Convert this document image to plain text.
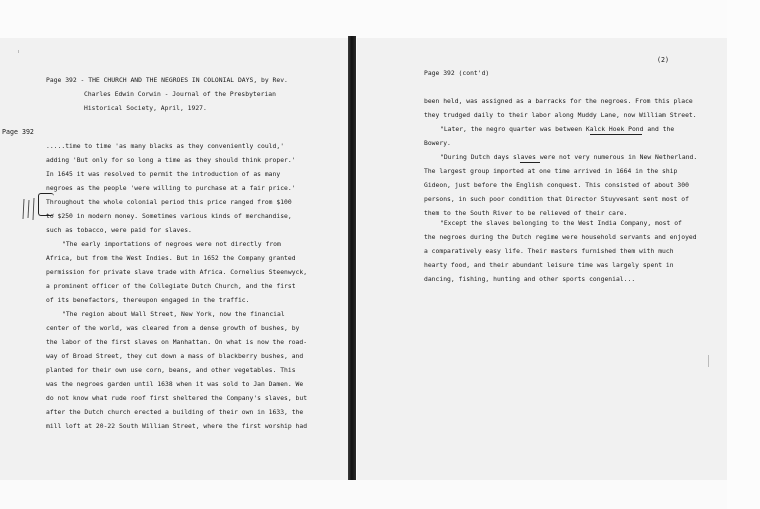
Page 392
Page 392 - THE CHURCH AND THE NEGROES IN COLONIAL DAYS, by Rev.
Charles Edwin Corwin - Journal of the Presbyterian
Historical Society, April, 1927.
.....time to time 'as many blacks as they conveniently could,'
adding 'But only for so long a time as they should think proper.'
In 1645 it was resolved to permit the introduction of as many
negroes as the people 'were willing to purchase at a fair price.'
Throughout the whole colonial period this price ranged from $100
to $250 in modern money. Sometimes various kinds of merchandise,
such as tobacco, were paid for slaves.
"The early importations of negroes were not directly from
Africa, but from the West Indies. But in 1652 the Company granted
permission for private slave trade with Africa. Cornelius Steenwyck,
a prominent officer of the Collegiate Dutch Church, and the first
of its benefactors, thereupon engaged in the traffic.
"The region about Wall Street, New York, now the financial
center of the world, was cleared from a dense growth of bushes, by
the labor of the first slaves on Manhattan. On what is now the road-
way of Broad Street, they cut down a mass of blackberry bushes, and
planted for their own use corn, beans, and other vegetables. This
was the negroes garden until 1638 when it was sold to Jan Damen. We
do not know what rude roof first sheltered the Company's slaves, but
after the Dutch church erected a building of their own in 1633, the
mill loft at 20-22 South William Street, where the first worship had
(2)
Page 392 (cont'd)
been held, was assigned as a barracks for the negroes. From this place
they trudged daily to their labor along Muddy Lane, now William Street.
"Later, the negro quarter was between Kalck Hoek Pond and the
Bowery.
"During Dutch days slaves were not very numerous in New Netherland.
The largest group imported at one time arrived in 1664 in the ship
Gideon, just before the English conquest. This consisted of about 300
persons, in such poor condition that Director Stuyvesant sent most of
them to the South River to be relieved of their care.
"Except the slaves belonging to the West India Company, most of
the negroes during the Dutch regime were household servants and enjoyed
a comparatively easy life. Their masters furnished them with much
hearty food, and their abundant leisure time was largely spent in
dancing, fishing, hunting and other sports congenial...
